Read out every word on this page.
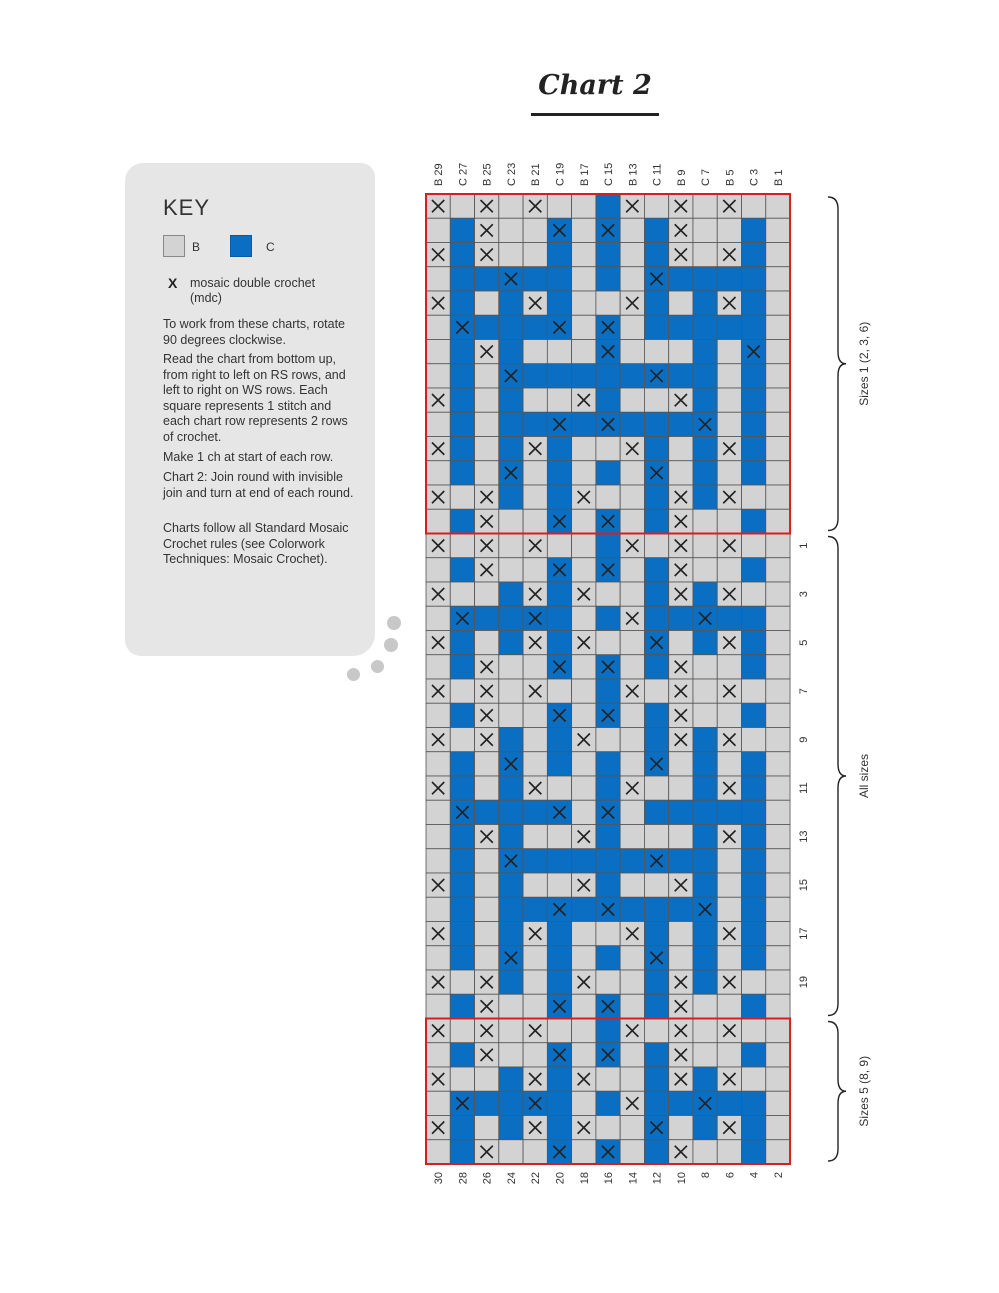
Chart 2
KEY
B	C
X mosaic double crochet (mdc)
To work from these charts, rotate 90 degrees clockwise.
Read the chart from bottom up, from right to left on RS rows, and left to right on WS rows. Each square represents 1 stitch and each chart row represents 2 rows of crochet.
Make 1 ch at start of each row.
Chart 2: Join round with invisible join and turn at end of each round.
Charts follow all Standard Mosaic Crochet rules (see Colorwork Techniques: Mosaic Crochet).
Sizes 1 (2, 3, 6)
All sizes
Sizes 5 (8, 9)
B 29 C 27 B 25 C 23 B 21 C 19 B 17 C 15 B 13 C 11 B 9 C 7 B 5 C 3 B 1
30 28 26 24 22 20 18 16 14 12 10 8 6 4 2
1
3
5
7
9
11
13
15
17
19
